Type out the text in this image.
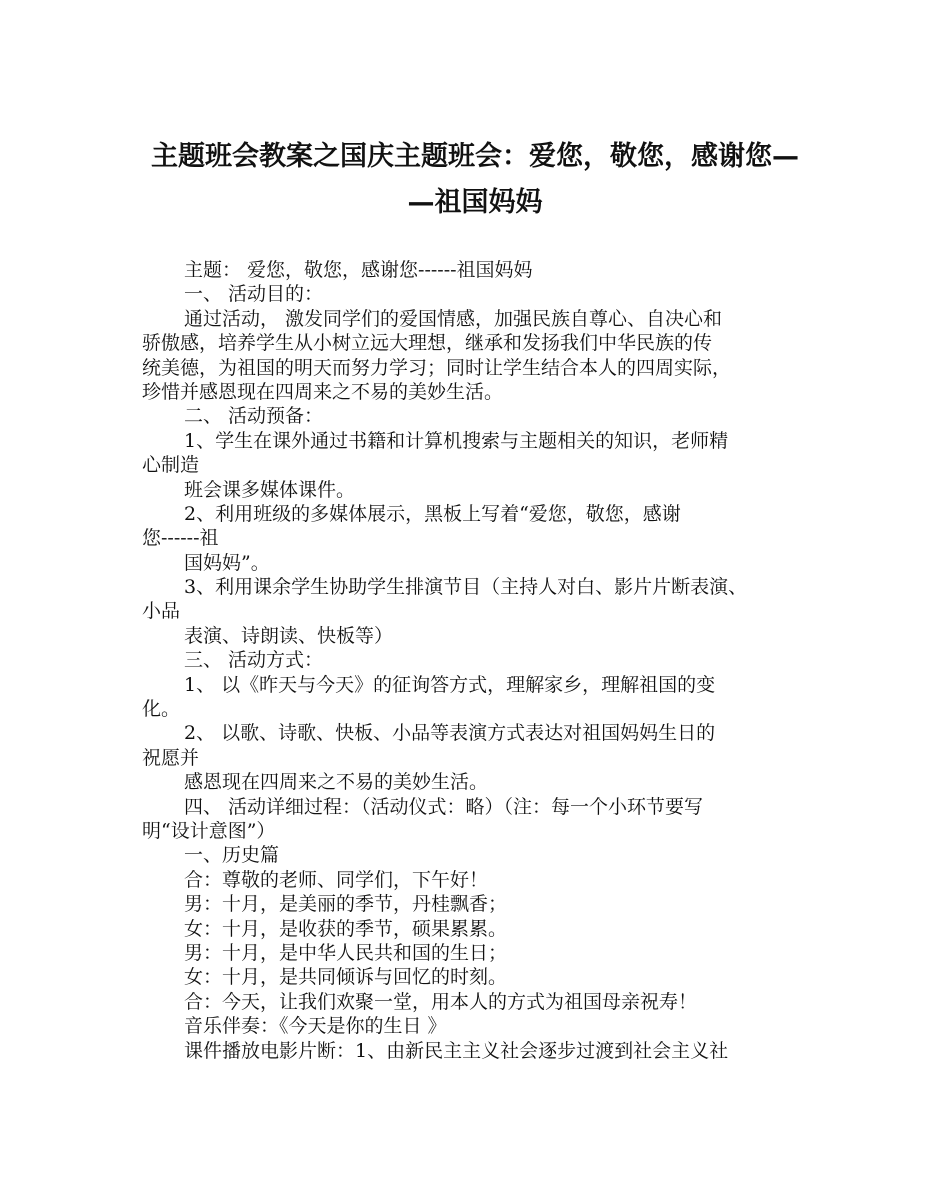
主题班会教案之国庆主题班会：爱您，敬您，感谢您—
—祖国妈妈
主题： 爱您，敬您，感谢您------祖国妈妈
一、 活动目的：
通过活动， 激发同学们的爱国情感，加强民族自尊心、自决心和
骄傲感，培养学生从小树立远大理想，继承和发扬我们中华民族的传
统美德，为祖国的明天而努力学习；同时让学生结合本人的四周实际，
珍惜并感恩现在四周来之不易的美妙生活。
二、 活动预备：
1、学生在课外通过书籍和计算机搜索与主题相关的知识，老师精
心制造
班会课多媒体课件。
2、利用班级的多媒体展示，黑板上写着“爱您，敬您，感谢
您------祖
国妈妈”。
3、利用课余学生协助学生排演节目（主持人对白、影片片断表演、
小品
表演、诗朗读、快板等）
三、 活动方式：
1、 以《昨天与今天》的征询答方式，理解家乡，理解祖国的变
化。
2、 以歌、诗歌、快板、小品等表演方式表达对祖国妈妈生日的
祝愿并
感恩现在四周来之不易的美妙生活。
四、 活动详细过程：（活动仪式：略）（注：每一个小环节要写
明“设计意图”）
一、历史篇
合：尊敬的老师、同学们，下午好！
男：十月，是美丽的季节，丹桂飘香；
女：十月，是收获的季节，硕果累累。
男：十月，是中华人民共和国的生日；
女：十月，是共同倾诉与回忆的时刻。
合：今天，让我们欢聚一堂，用本人的方式为祖国母亲祝寿！
音乐伴奏：《今天是你的生日 》
课件播放电影片断：1、由新民主主义社会逐步过渡到社会主义社
